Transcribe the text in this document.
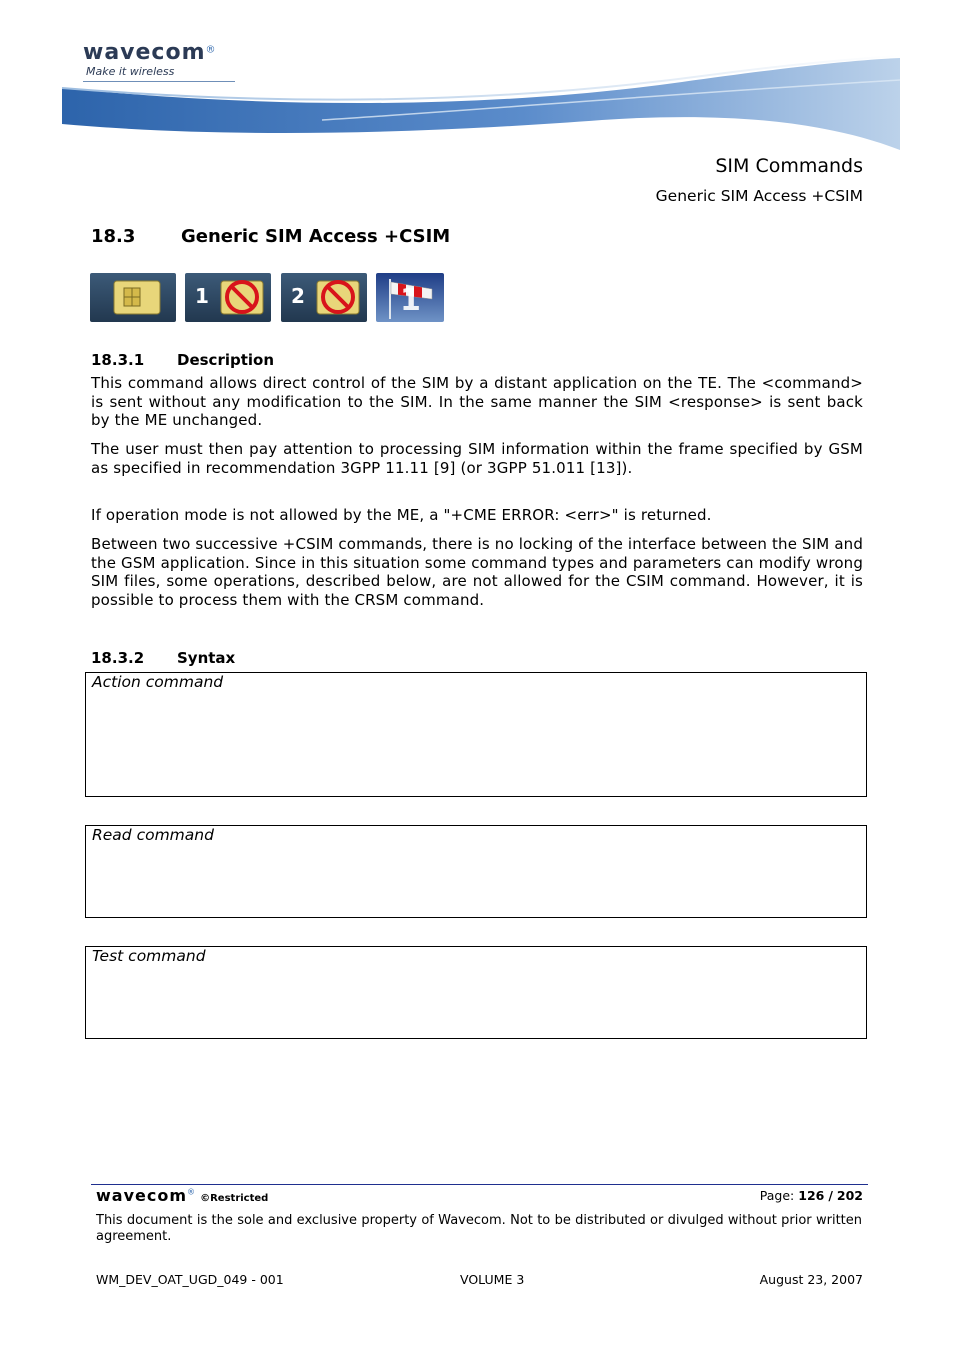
wavecom®
Make it wireless
SIM Commands
Generic SIM Access +CSIM
18.3	Generic SIM Access +CSIM
1	2	1
18.3.1 Description
This command allows direct control of the SIM by a distant application on the TE. The <command> is sent without any modification to the SIM. In the same manner the SIM <response> is sent back by the ME unchanged.
The user must then pay attention to processing SIM information within the frame specified by GSM as specified in recommendation 3GPP 11.11 [9] (or 3GPP 51.011 [13]).
If operation mode is not allowed by the ME, a "+CME ERROR: <err>" is returned.
Between two successive +CSIM commands, there is no locking of the interface between the SIM and the GSM application. Since in this situation some command types and parameters can modify wrong SIM files, some operations, described below, are not allowed for the CSIM command. However, it is possible to process them with the CRSM command.
18.3.2 Syntax
Action command
Read command
Test command
wavecom® ©Restricted	Page: 126 / 202
This document is the sole and exclusive property of Wavecom. Not to be distributed or divulged without prior written agreement.
WM_DEV_OAT_UGD_049 - 001	VOLUME 3	August 23, 2007
